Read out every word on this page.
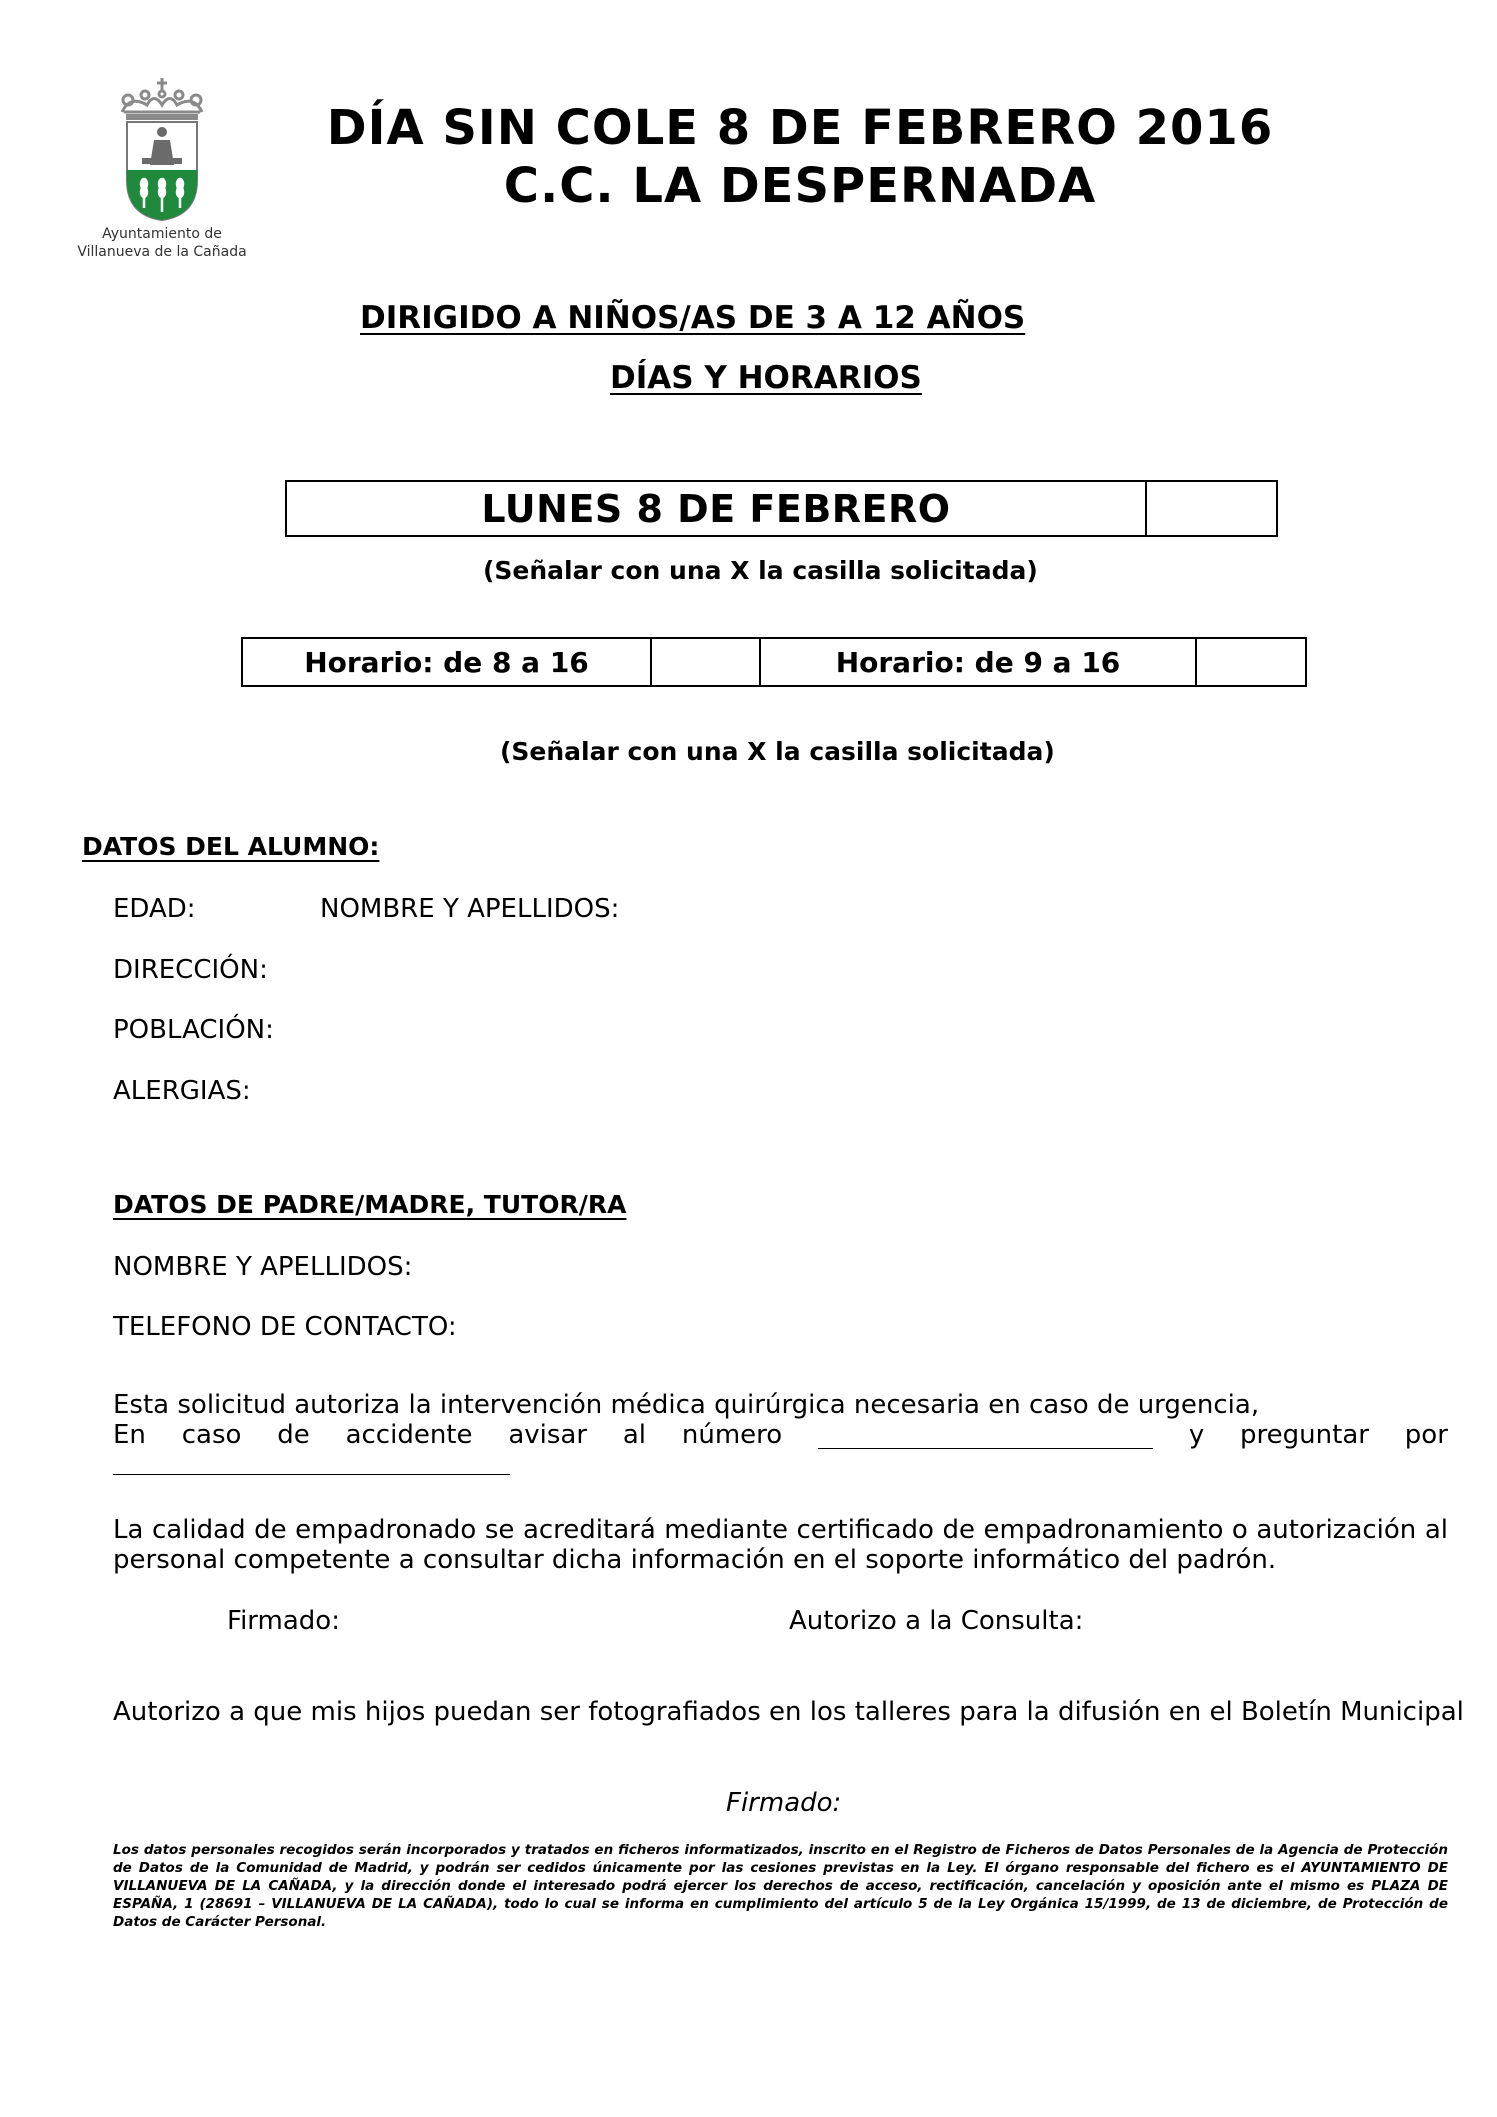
Ayuntamiento de
Villanueva de la Cañada
DÍA SIN COLE 8 DE FEBRERO 2016
C.C. LA DESPERNADA
DIRIGIDO A NIÑOS/AS DE 3 A 12 AÑOS
DÍAS Y HORARIOS
LUNES 8 DE FEBRERO
(Señalar con una X la casilla solicitada)
Horario: de 8 a 16	Horario: de 9 a 16
(Señalar con una X la casilla solicitada)
DATOS DEL ALUMNO:
EDAD:	NOMBRE Y APELLIDOS:
DIRECCIÓN:
POBLACIÓN:
ALERGIAS:
DATOS DE PADRE/MADRE, TUTOR/RA
NOMBRE Y APELLIDOS:
TELEFONO DE CONTACTO:
Esta solicitud autoriza la intervención médica quirúrgica necesaria en caso de urgencia,
En caso de accidente avisar al número	y preguntar por
La calidad de empadronado se acreditará mediante certificado de empadronamiento o autorización al personal competente a consultar dicha información en el soporte informático del padrón.
Firmado:	Autorizo a la Consulta:
Autorizo a que mis hijos puedan ser fotografiados en los talleres para la difusión en el Boletín Municipal
Firmado:
Los datos personales recogidos serán incorporados y tratados en ficheros informatizados, inscrito en el Registro de Ficheros de Datos Personales de la Agencia de Protección de Datos de la Comunidad de Madrid, y podrán ser cedidos únicamente por las cesiones previstas en la Ley. El órgano responsable del fichero es el AYUNTAMIENTO DE VILLANUEVA DE LA CAÑADA, y la dirección donde el interesado podrá ejercer los derechos de acceso, rectificación, cancelación y oposición ante el mismo es PLAZA DE ESPAÑA, 1 (28691 – VILLANUEVA DE LA CAÑADA), todo lo cual se informa en cumplimiento del artículo 5 de la Ley Orgánica 15/1999, de 13 de diciembre, de Protección de Datos de Carácter Personal.
